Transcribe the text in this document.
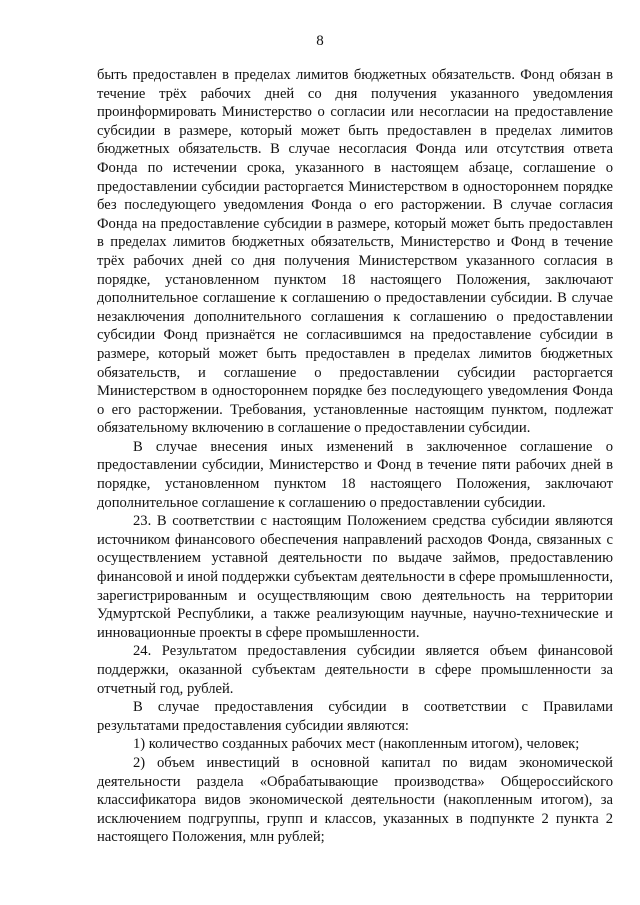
8

быть предоставлен в пределах лимитов бюджетных обязательств. Фонд обязан в течение трёх рабочих дней со дня получения указанного уведомления проинформировать Министерство о согласии или несогласии на предоставление субсидии в размере, который может быть предоставлен в пределах лимитов бюджетных обязательств. В случае несогласия Фонда или отсутствия ответа Фонда по истечении срока, указанного в настоящем абзаце, соглашение о предоставлении субсидии расторгается Министерством в одностороннем порядке без последующего уведомления Фонда о его расторжении. В случае согласия Фонда на предоставление субсидии в размере, который может быть предоставлен в пределах лимитов бюджетных обязательств, Министерство и Фонд в течение трёх рабочих дней со дня получения Министерством указанного согласия в порядке, установленном пунктом 18 настоящего Положения, заключают дополнительное соглашение к соглашению о предоставлении субсидии. В случае незаключения дополнительного соглашения к соглашению о предоставлении субсидии Фонд признаётся не согласившимся на предоставление субсидии в размере, который может быть предоставлен в пределах лимитов бюджетных обязательств, и соглашение о предоставлении субсидии расторгается Министерством в одностороннем порядке без последующего уведомления Фонда о его расторжении. Требования, установленные настоящим пунктом, подлежат обязательному включению в соглашение о предоставлении субсидии.

В случае внесения иных изменений в заключенное соглашение о предоставлении субсидии, Министерство и Фонд в течение пяти рабочих дней в порядке, установленном пунктом 18 настоящего Положения, заключают дополнительное соглашение к соглашению о предоставлении субсидии.

23. В соответствии с настоящим Положением средства субсидии являются источником финансового обеспечения направлений расходов Фонда, связанных с осуществлением уставной деятельности по выдаче займов, предоставлению финансовой и иной поддержки субъектам деятельности в сфере промышленности, зарегистрированным и осуществляющим свою деятельность на территории Удмуртской Республики, а также реализующим научные, научно-технические и инновационные проекты в сфере промышленности.

24. Результатом предоставления субсидии является объем финансовой поддержки, оказанной субъектам деятельности в сфере промышленности за отчетный год, рублей.

В случае предоставления субсидии в соответствии с Правилами результатами предоставления субсидии являются:

1) количество созданных рабочих мест (накопленным итогом), человек;

2) объем инвестиций в основной капитал по видам экономической деятельности раздела «Обрабатывающие производства» Общероссийского классификатора видов экономической деятельности (накопленным итогом), за исключением подгруппы, групп и классов, указанных в подпункте 2 пункта 2 настоящего Положения, млн рублей;
